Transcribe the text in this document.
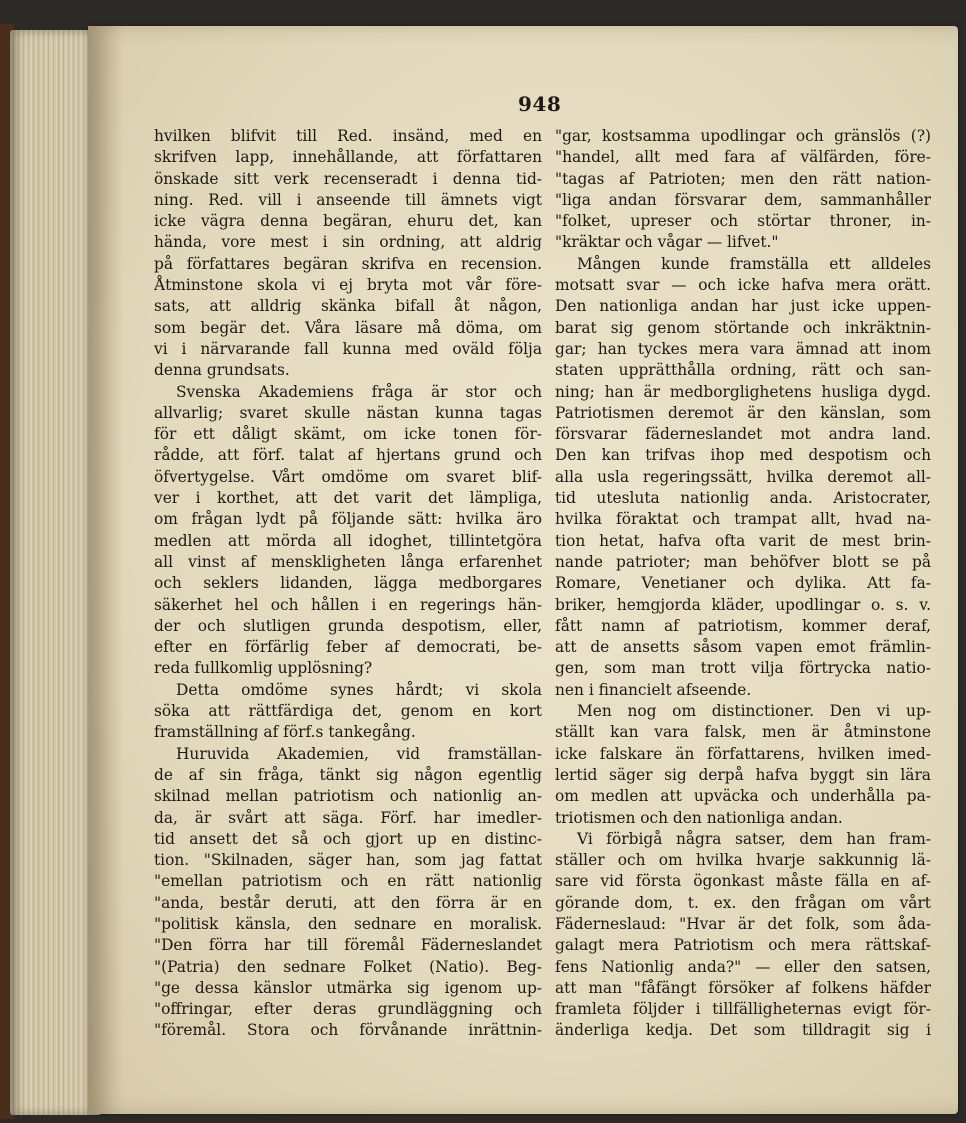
948
hvilken blifvit till Red. insänd, med en
skrifven lapp, innehållande, att författaren
önskade sitt verk recenseradt i denna tid-
ning. Red. vill i anseende till ämnets vigt
icke vägra denna begäran, ehuru det, kan
hända, vore mest i sin ordning, att aldrig
på författares begäran skrifva en recension.
Åtminstone skola vi ej bryta mot vår före-
sats, att alldrig skänka bifall åt någon,
som begär det. Våra läsare må döma, om
vi i närvarande fall kunna med oväld följa
denna grundsats.
Svenska Akademiens fråga är stor och
allvarlig; svaret skulle nästan kunna tagas
för ett dåligt skämt, om icke tonen för-
rådde, att förf. talat af hjertans grund och
öfvertygelse. Vårt omdöme om svaret blif-
ver i korthet, att det varit det lämpliga,
om frågan lydt på följande sätt: hvilka äro
medlen att mörda all idoghet, tillintetgöra
all vinst af menskligheten långa erfarenhet
och seklers lidanden, lägga medborgares
säkerhet hel och hållen i en regerings hän-
der och slutligen grunda despotism, eller,
efter en förfärlig feber af democrati, be-
reda fullkomlig upplösning?
Detta omdöme synes hårdt; vi skola
söka att rättfärdiga det, genom en kort
framställning af förf.s tankegång.
Huruvida Akademien, vid framställan-
de af sin fråga, tänkt sig någon egentlig
skilnad mellan patriotism och nationlig an-
da, är svårt att säga. Förf. har imedler-
tid ansett det så och gjort up en distinc-
tion. "Skilnaden, säger han, som jag fattat
"emellan patriotism och en rätt nationlig
"anda, består deruti, att den förra är en
"politisk känsla, den sednare en moralisk.
"Den förra har till föremål Fäderneslandet
"(Patria) den sednare Folket (Natio). Beg-
"ge dessa känslor utmärka sig igenom up-
"offringar, efter deras grundläggning och
"föremål. Stora och förvånande inrättnin-
"gar, kostsamma upodlingar och gränslös (?)
"handel, allt med fara af välfärden, före-
"tagas af Patrioten; men den rätt nation-
"liga andan försvarar dem, sammanhåller
"folket, upreser och störtar throner, in-
"kräktar och vågar — lifvet."
Mången kunde framställa ett alldeles
motsatt svar — och icke hafva mera orätt.
Den nationliga andan har just icke uppen-
barat sig genom störtande och inkräktnin-
gar; han tyckes mera vara ämnad att inom
staten upprätthålla ordning, rätt och san-
ning; han är medborglighetens husliga dygd.
Patriotismen deremot är den känslan, som
försvarar fäderneslandet mot andra land.
Den kan trifvas ihop med despotism och
alla usla regeringssätt, hvilka deremot all-
tid utesluta nationlig anda. Aristocrater,
hvilka föraktat och trampat allt, hvad na-
tion hetat, hafva ofta varit de mest brin-
nande patrioter; man behöfver blott se på
Romare, Venetianer och dylika. Att fa-
briker, hemgjorda kläder, upodlingar o. s. v.
fått namn af patriotism, kommer deraf,
att de ansetts såsom vapen emot främlin-
gen, som man trott vilja förtrycka natio-
nen i financielt afseende.
Men nog om distinctioner. Den vi up-
ställt kan vara falsk, men är åtminstone
icke falskare än författarens, hvilken imed-
lertid säger sig derpå hafva byggt sin lära
om medlen att upväcka och underhålla pa-
triotismen och den nationliga andan.
Vi förbigå några satser, dem han fram-
ställer och om hvilka hvarje sakkunnig lä-
sare vid första ögonkast måste fälla en af-
görande dom, t. ex. den frågan om vårt
Fäderneslaud: "Hvar är det folk, som åda-
galagt mera Patriotism och mera rättskaf-
fens Nationlig anda?" — eller den satsen,
att man "fåfängt försöker af folkens häfder
framleta följder i tillfälligheternas evigt för-
änderliga kedja. Det som tilldragit sig i
